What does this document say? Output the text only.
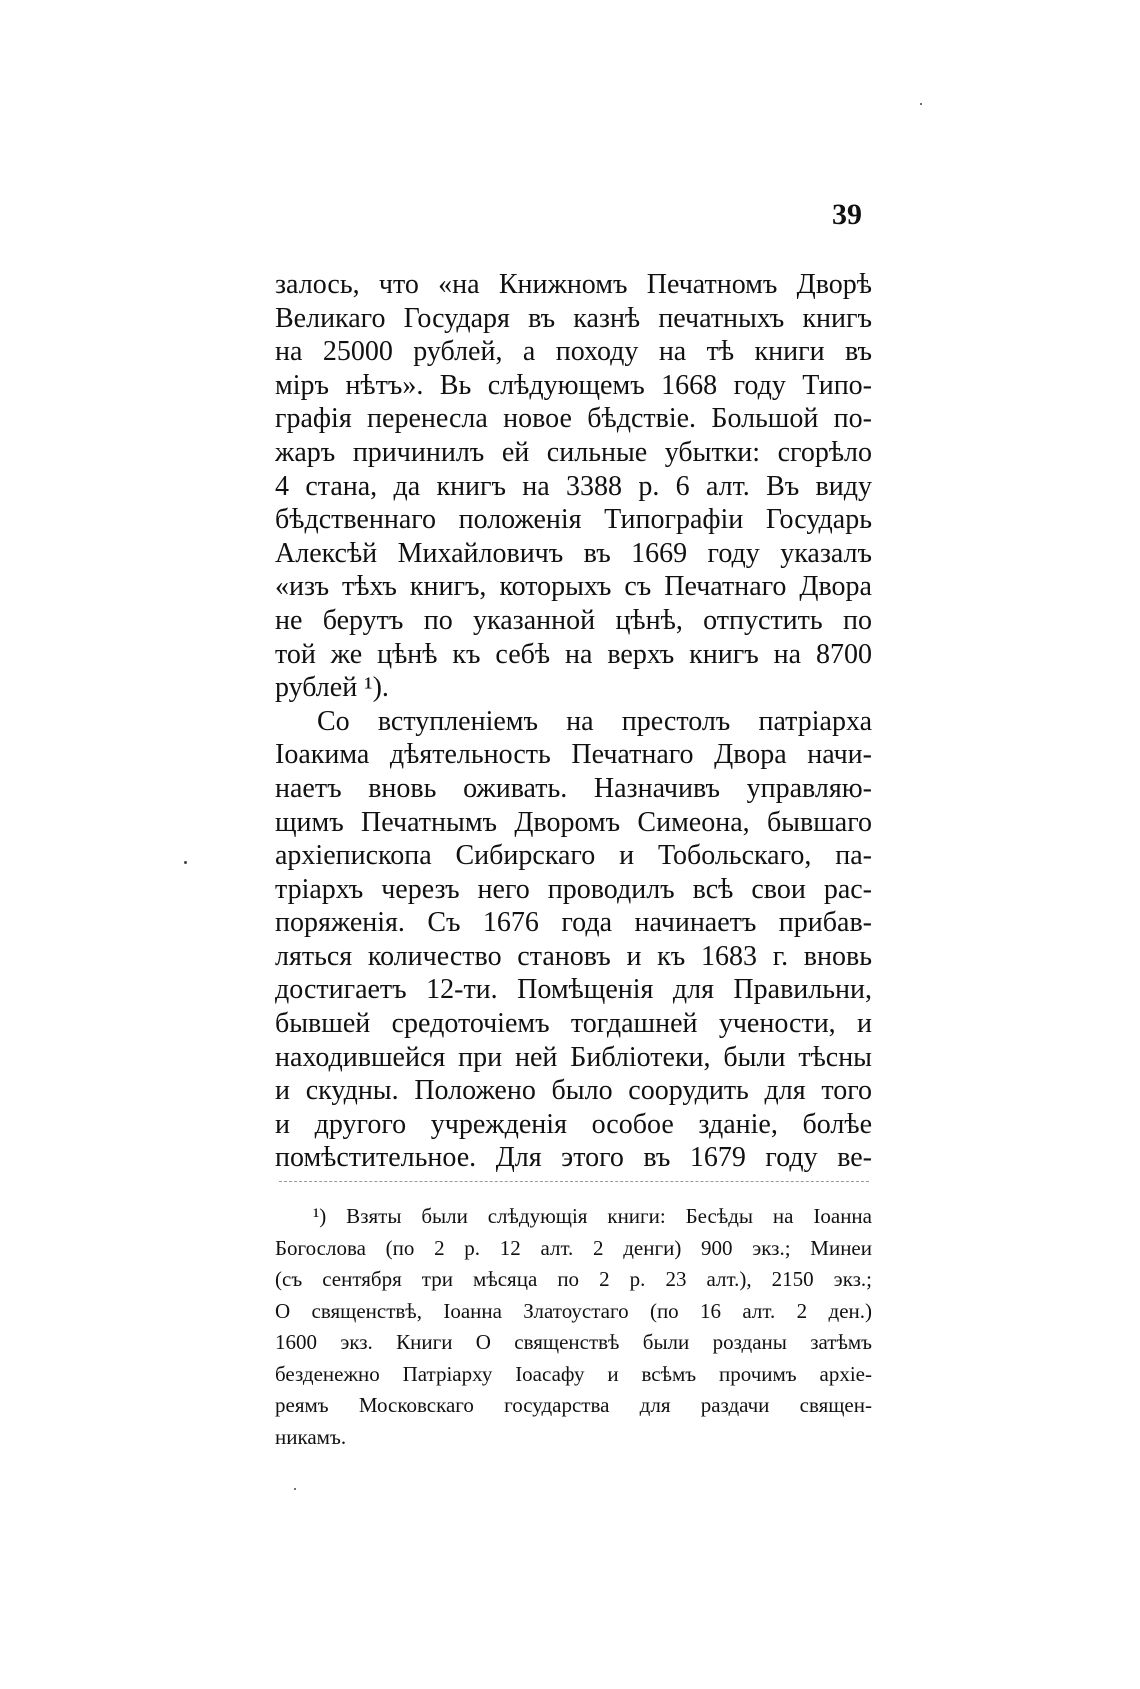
39
залось, что «на Книжномъ Печатномъ Дворѣ
Великаго Государя въ казнѣ печатныхъ книгъ
на 25000 рублей, а походу на тѣ книги въ
міръ нѣтъ». Вь слѣдующемъ 1668 году Типо-
графія перенесла новое бѣдствіе. Большой по-
жаръ причинилъ ей сильные убытки: сгорѣло
4 стана, да книгъ на 3388 р. 6 алт. Въ виду
бѣдственнаго положенія Типографіи Государь
Алексѣй Михайловичъ въ 1669 году указалъ
«изъ тѣхъ книгъ, которыхъ съ Печатнаго Двора
не берутъ по указанной цѣнѣ, отпустить по
той же цѣнѣ къ себѣ на верхъ книгъ на 8700
рублей ¹).
Со вступленіемъ на престолъ патріарха
Іоакима дѣятельность Печатнаго Двора начи-
наетъ вновь оживать. Назначивъ управляю-
щимъ Печатнымъ Дворомъ Симеона, бывшаго
архіепископа Сибирскаго и Тобольскаго, па-
тріархъ черезъ него проводилъ всѣ свои рас-
поряженія. Съ 1676 года начинаетъ прибав-
ляться количество становъ и къ 1683 г. вновь
достигаетъ 12-ти. Помѣщенія для Правильни,
бывшей средоточіемъ тогдашней учености, и
находившейся при ней Библіотеки, были тѣсны
и скудны. Положено было соорудить для того
и другого учрежденія особое зданіе, болѣе
помѣстительное. Для этого въ 1679 году ве-
¹) Взяты были слѣдующія книги: Бесѣды на Іоанна
Богослова (по 2 р. 12 алт. 2 денги) 900 экз.; Минеи
(съ сентября три мѣсяца по 2 р. 23 алт.), 2150 экз.;
О священствѣ, Іоанна Златоустаго (по 16 алт. 2 ден.)
1600 экз. Книги О священствѣ были розданы затѣмъ
безденежно Патріарху Іоасафу и всѣмъ прочимъ архіе-
реямъ Московскаго государства для раздачи священ-
никамъ.
